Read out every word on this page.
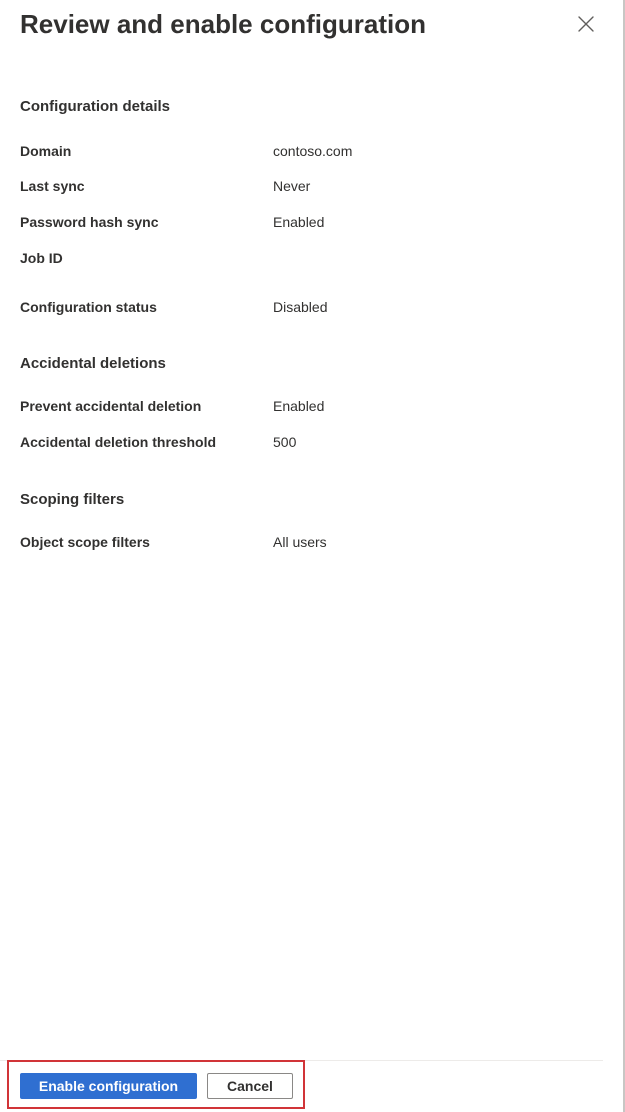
Review and enable configuration
Configuration details
Domain	contoso.com
Last sync	Never
Password hash sync	Enabled
Job ID
Configuration status	Disabled
Accidental deletions
Prevent accidental deletion	Enabled
Accidental deletion threshold	500
Scoping filters
Object scope filters	All users
Enable configuration	Cancel
